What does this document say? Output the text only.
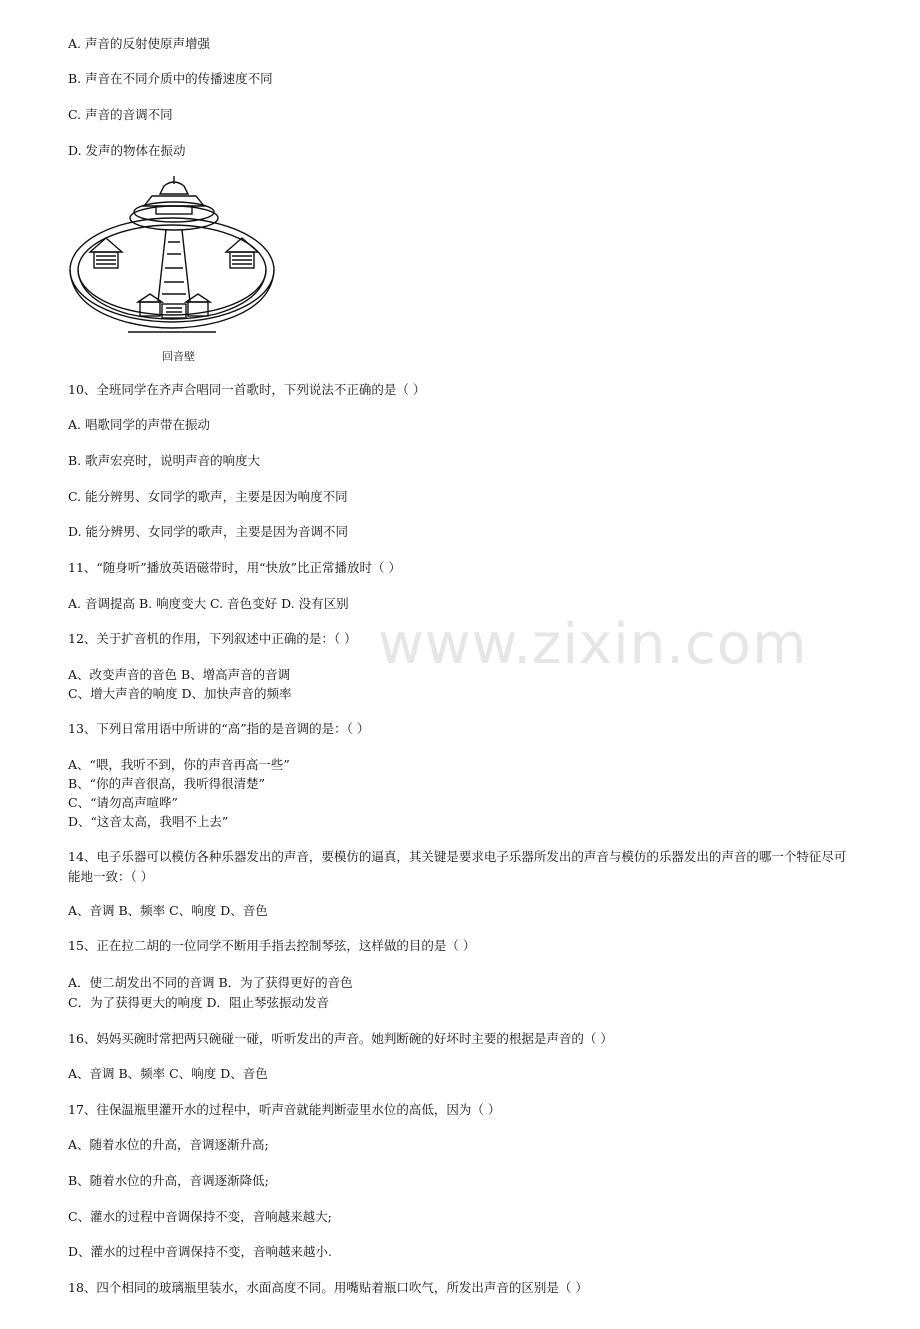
www.zixin.com
A. 声音的反射使原声增强
B. 声音在不同介质中的传播速度不同
C. 声音的音调不同
D. 发声的物体在振动
回音壁
10、全班同学在齐声合唱同一首歌时，下列说法不正确的是（ ）
A. 唱歌同学的声带在振动
B. 歌声宏亮时，说明声音的响度大
C. 能分辨男、女同学的歌声，主要是因为响度不同
D. 能分辨男、女同学的歌声，主要是因为音调不同
11、“随身听”播放英语磁带时，用“快放”比正常播放时（ ）
A. 音调提高 B. 响度变大 C. 音色变好 D. 没有区别
12、关于扩音机的作用，下列叙述中正确的是：（ ）
A、改变声音的音色 B、增高声音的音调
C、增大声音的响度 D、加快声音的频率
13、下列日常用语中所讲的“高”指的是音调的是：（ ）
A、“喂，我听不到，你的声音再高一些”
B、“你的声音很高，我听得很清楚”
C、“请勿高声喧哗”
D、“这音太高，我唱不上去”
14、电子乐器可以模仿各种乐器发出的声音，要模仿的逼真，其关键是要求电子乐器所发出的声音与模仿的乐器发出的声音的哪一个特征尽可能地一致：（ ）
A、音调 B、频率 C、响度 D、音色
15、正在拉二胡的一位同学不断用手指去控制琴弦，这样做的目的是（ ）
A．使二胡发出不同的音调 B．为了获得更好的音色
C．为了获得更大的响度 D．阻止琴弦振动发音
16、妈妈买碗时常把两只碗碰一碰，听听发出的声音。她判断碗的好坏时主要的根据是声音的（ ）
A、音调 B、频率 C、响度 D、音色
17、往保温瓶里灌开水的过程中，听声音就能判断壶里水位的高低，因为（ ）
A、随着水位的升高，音调逐渐升高;
B、随着水位的升高，音调逐渐降低;
C、灌水的过程中音调保持不变，音响越来越大;
D、灌水的过程中音调保持不变，音响越来越小.
18、四个相同的玻璃瓶里装水，水面高度不同。用嘴贴着瓶口吹气，所发出声音的区别是（ ）
